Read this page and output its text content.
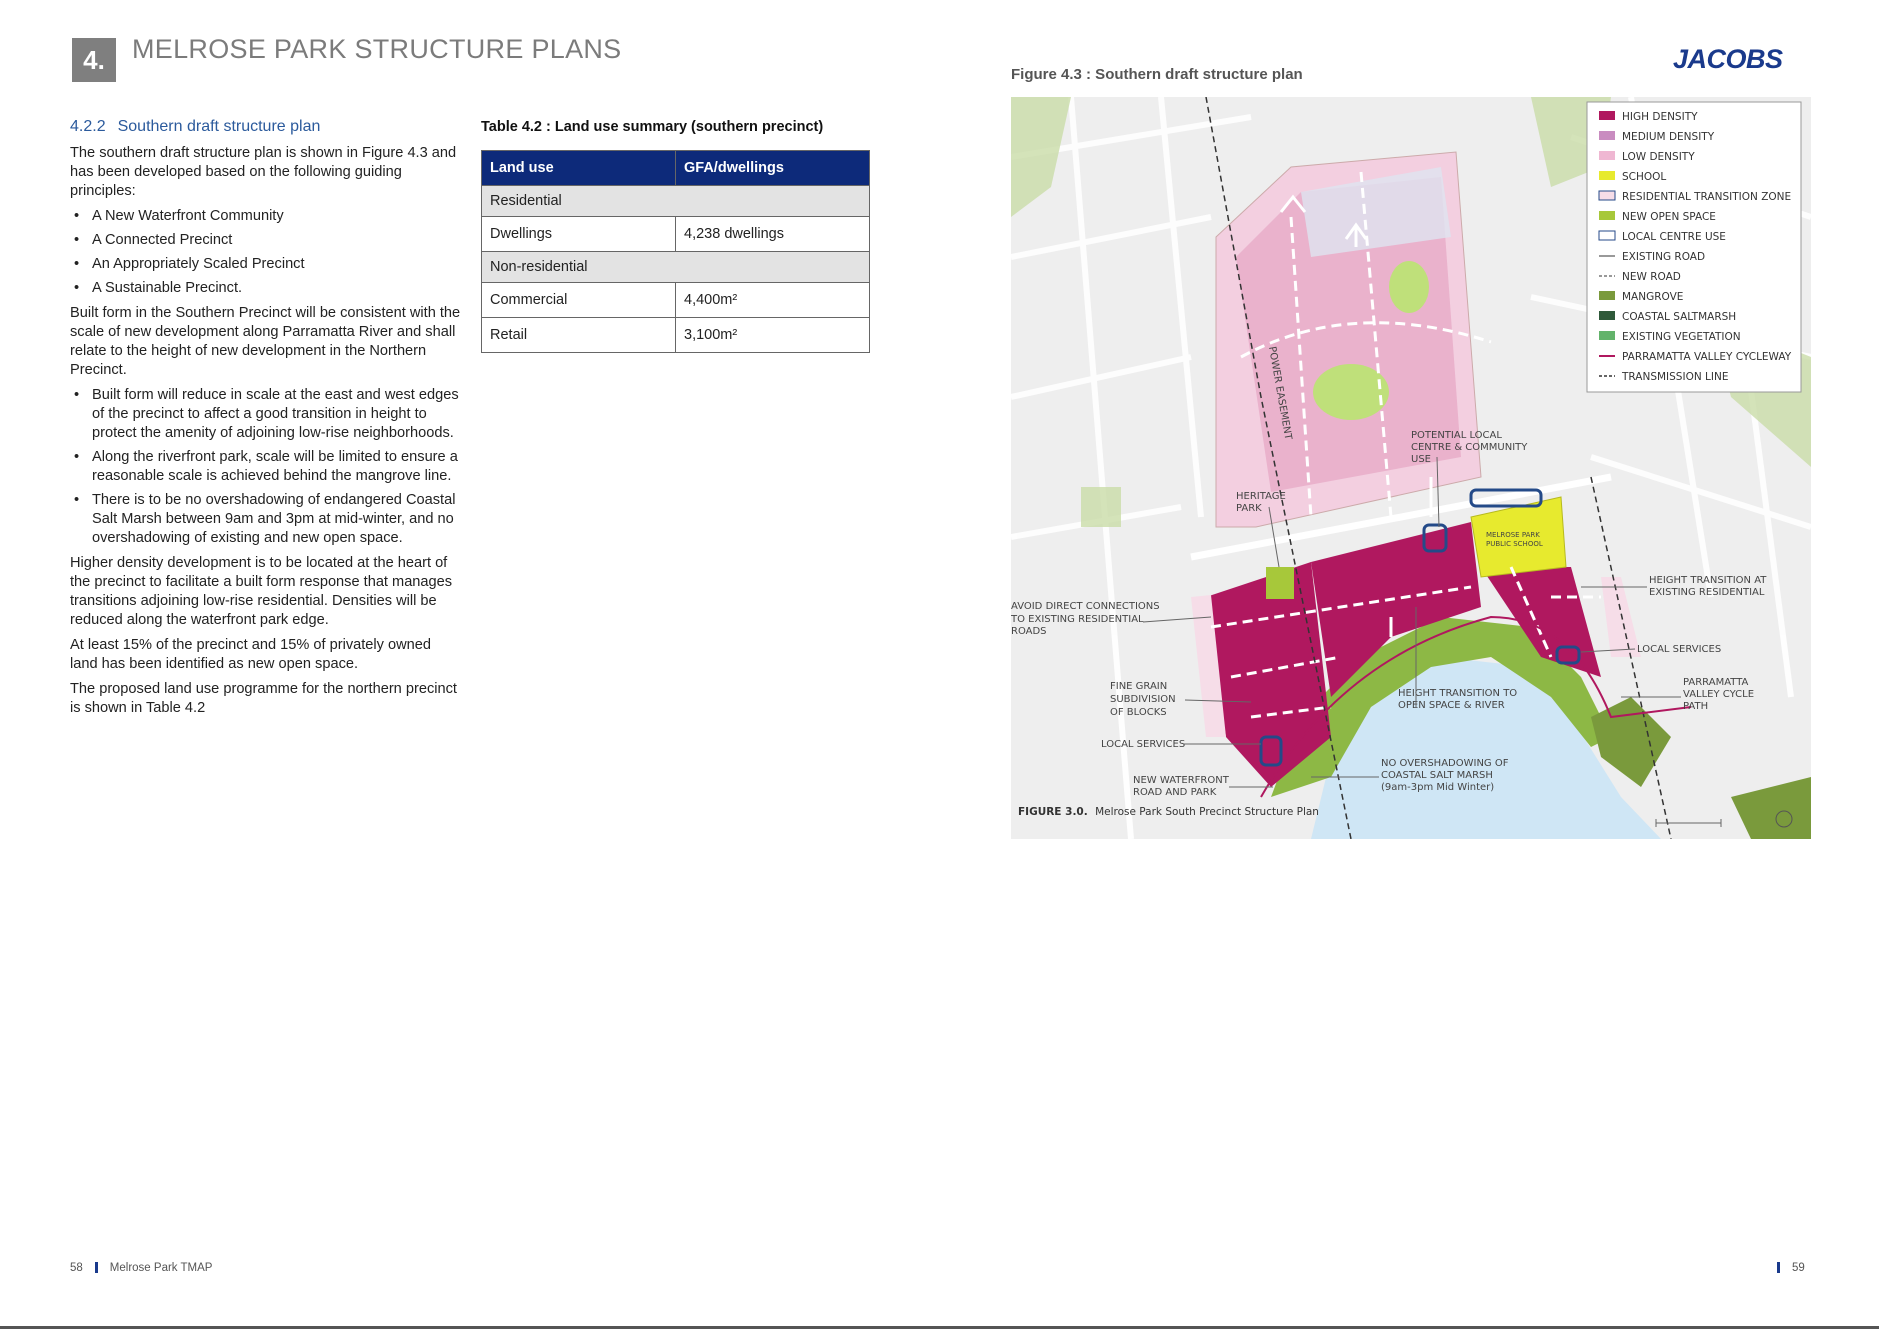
4.	MELROSE PARK STRUCTURE PLANS	JACOBS
Figure 4.3 : Southern draft structure plan
4.2.2 Southern draft structure plan

The southern draft structure plan is shown in Figure 4.3 and has been developed based on the following guiding principles:

• A New Waterfront Community
• A Connected Precinct
• An Appropriately Scaled Precinct
• A Sustainable Precinct.

Built form in the Southern Precinct will be consistent with the scale of new development along Parramatta River and shall relate to the height of new development in the Northern Precinct.

• Built form will reduce in scale at the east and west edges of the precinct to affect a good transition in height to protect the amenity of adjoining low-rise neighborhoods.
• Along the riverfront park, scale will be limited to ensure a reasonable scale is achieved behind the mangrove line.
• There is to be no overshadowing of endangered Coastal Salt Marsh between 9am and 3pm at mid-winter, and no overshadowing of existing and new open space.

Higher density development is to be located at the heart of the precinct to facilitate a built form response that manages transitions adjoining low-rise residential. Densities will be reduced along the waterfront park edge.

At least 15% of the precinct and 15% of privately owned land has been identified as new open space.

The proposed land use programme for the northern precinct is shown in Table 4.2

Table 4.2 : Land use summary (southern precinct)
Land use	GFA/dwellings
Residential	
Dwellings	4,238 dwellings
Non-residential	
Commercial	4,400m²
Retail	3,100m²
HIGH DENSITY
MEDIUM DENSITY
LOW DENSITY
SCHOOL
RESIDENTIAL TRANSITION ZONE
NEW OPEN SPACE
LOCAL CENTRE USE
EXISTING ROAD
NEW ROAD
MANGROVE
COASTAL SALTMARSH
EXISTING VEGETATION
PARRAMATTA VALLEY CYCLEWAY
TRANSMISSION LINE
POTENTIAL LOCAL
CENTRE & COMMUNITY
USE
HERITAGE
PARK
AVOID DIRECT CONNECTIONS
TO EXISTING RESIDENTIAL
ROADS
HEIGHT TRANSITION AT
EXISTING RESIDENTIAL
LOCAL SERVICES
FINE GRAIN
SUBDIVISION
OF BLOCKS
HEIGHT TRANSITION TO
OPEN SPACE & RIVER
PARRAMATTA
VALLEY CYCLE
PATH
LOCAL SERVICES
NO OVERSHADOWING OF
COASTAL SALT MARSH
(9am-3pm Mid Winter)
NEW WATERFRONT
ROAD AND PARK
POWER EASEMENT
MELROSE PARK
PUBLIC SCHOOL
FIGURE 3.0. Melrose Park South Precinct Structure Plan
58 Melrose Park TMAP	59
